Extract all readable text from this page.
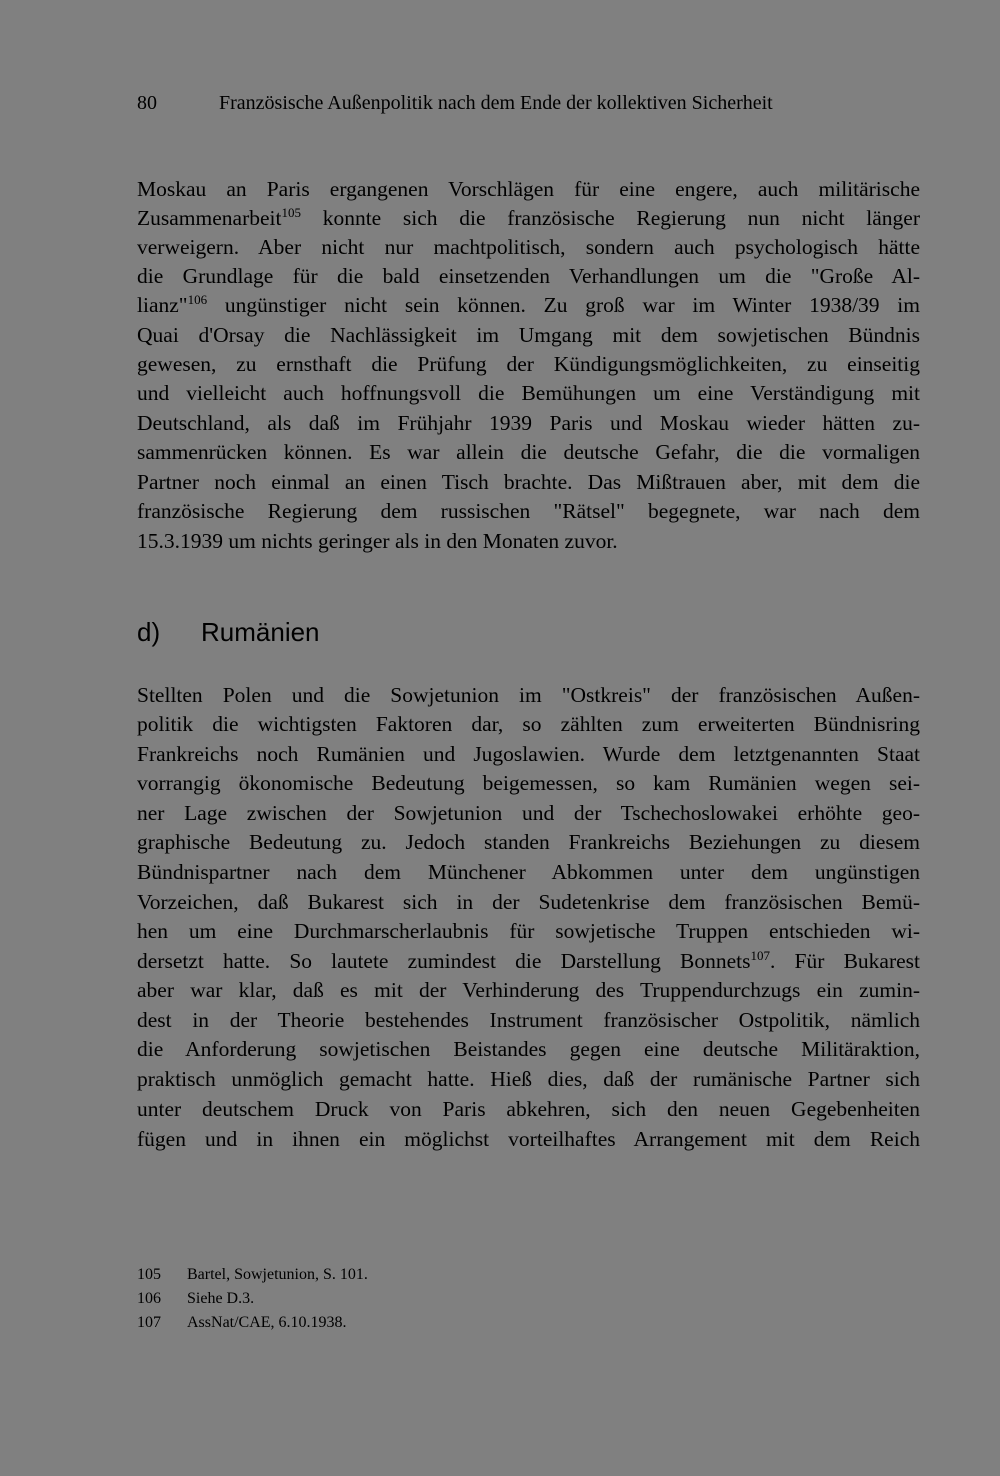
80	Französische Außenpolitik nach dem Ende der kollektiven Sicherheit
Moskau an Paris ergangenen Vorschlägen für eine engere, auch militärische
Zusammenarbeit$^{105}$ konnte sich die französische Regierung nun nicht länger
verweigern. Aber nicht nur machtpolitisch, sondern auch psychologisch hätte
die Grundlage für die bald einsetzenden Verhandlungen um die "Große Al-
lianz"$^{106}$ ungünstiger nicht sein können. Zu groß war im Winter 1938/39 im
Quai d'Orsay die Nachlässigkeit im Umgang mit dem sowjetischen Bündnis
gewesen, zu ernsthaft die Prüfung der Kündigungsmöglichkeiten, zu einseitig
und vielleicht auch hoffnungsvoll die Bemühungen um eine Verständigung mit
Deutschland, als daß im Frühjahr 1939 Paris und Moskau wieder hätten zu-
sammenrücken können. Es war allein die deutsche Gefahr, die die vormaligen
Partner noch einmal an einen Tisch brachte. Das Mißtrauen aber, mit dem die
französische Regierung dem russischen "Rätsel" begegnete, war nach dem
15.3.1939 um nichts geringer als in den Monaten zuvor.
d) Rumänien
Stellten Polen und die Sowjetunion im "Ostkreis" der französischen Außen-
politik die wichtigsten Faktoren dar, so zählten zum erweiterten Bündnisring
Frankreichs noch Rumänien und Jugoslawien. Wurde dem letztgenannten Staat
vorrangig ökonomische Bedeutung beigemessen, so kam Rumänien wegen sei-
ner Lage zwischen der Sowjetunion und der Tschechoslowakei erhöhte geo-
graphische Bedeutung zu. Jedoch standen Frankreichs Beziehungen zu diesem
Bündnispartner nach dem Münchener Abkommen unter dem ungünstigen
Vorzeichen, daß Bukarest sich in der Sudetenkrise dem französischen Bemü-
hen um eine Durchmarscherlaubnis für sowjetische Truppen entschieden wi-
dersetzt hatte. So lautete zumindest die Darstellung Bonnets$^{107}$. Für Bukarest
aber war klar, daß es mit der Verhinderung des Truppendurchzugs ein zumin-
dest in der Theorie bestehendes Instrument französischer Ostpolitik, nämlich
die Anforderung sowjetischen Beistandes gegen eine deutsche Militäraktion,
praktisch unmöglich gemacht hatte. Hieß dies, daß der rumänische Partner sich
unter deutschem Druck von Paris abkehren, sich den neuen Gegebenheiten
fügen und in ihnen ein möglichst vorteilhaftes Arrangement mit dem Reich
105 Bartel, Sowjetunion, S. 101.
106 Siehe D.3.
107 AssNat/CAE, 6.10.1938.
